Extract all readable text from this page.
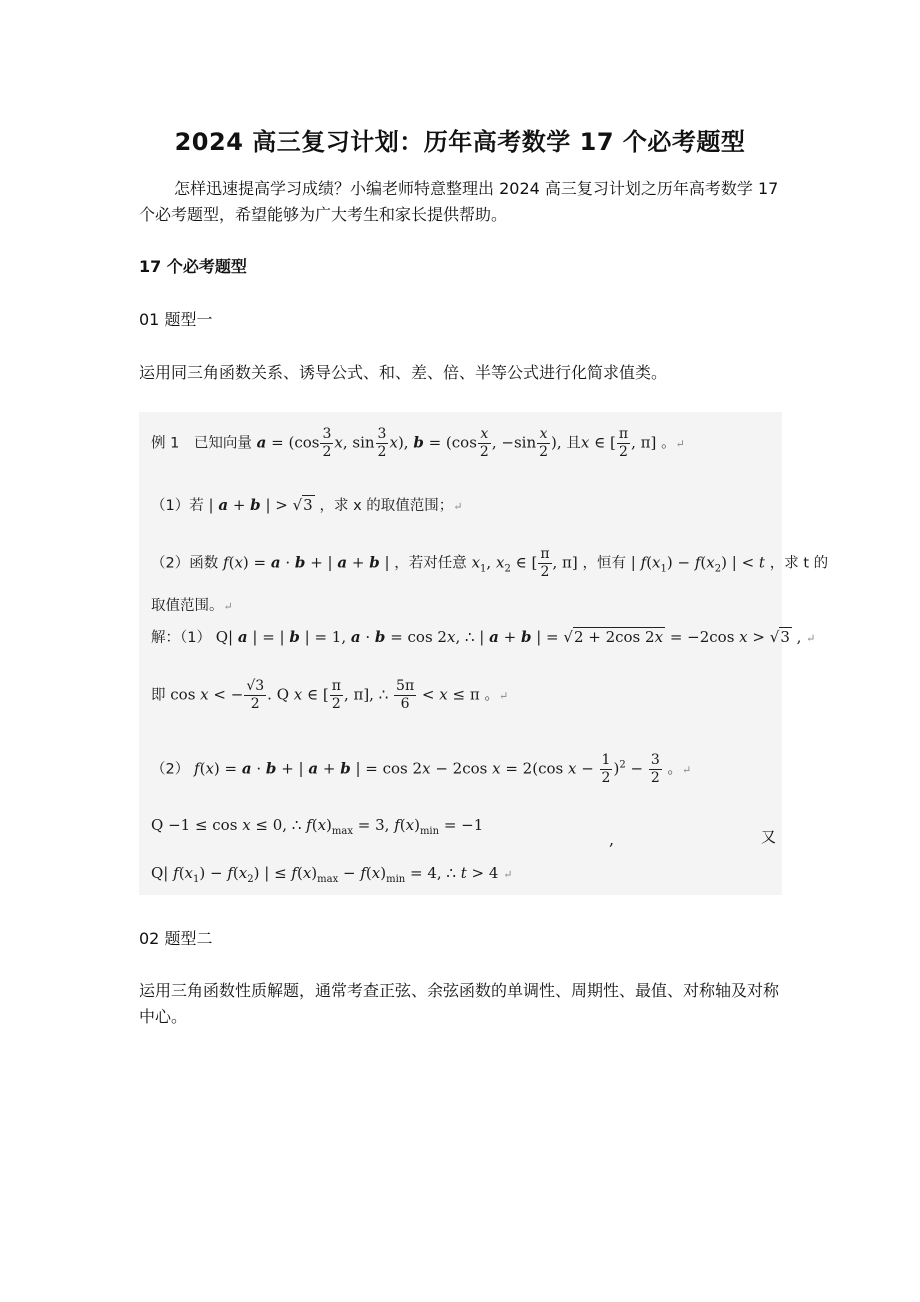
2024 高三复习计划：历年高考数学 17 个必考题型

怎样迅速提高学习成绩？小编老师特意整理出 2024 高三复习计划之历年高考数学 17 个必考题型，希望能够为广大考生和家长提供帮助。

17 个必考题型

01 题型一

运用同三角函数关系、诱导公式、和、差、倍、半等公式进行化简求值类。

例 1　已知向量 $a = (\cos \frac{3}{2} x$, $\sin \frac{3}{2} x$), $b = (\cos \frac{x}{2}$ , $-\sin \frac{x}{2}$ ), 且x ∈ [ $\frac{\pi}{2}$ , π] 。↵
（1）若 | a + b | > √3 ，求 x 的取值范围；↵
（2）函数 f(x) = a · b + | a + b | ，若对任意 $x_1$, $x_2$ ∈ [ $\frac{\pi}{2}$ , π] ，恒有 | $f(x_1) - f(x_2)$ | < t ，求 t 的
取值范围。↵
解：（1） Q| a | = | b | = 1, a · b = cos 2x, ∴ | a + b | = √2 + 2cos 2x = −2cos x > √3 , ↵
即 cos x < − $\frac{√3}{2}$ . Q x ∈ [ $\frac{\pi}{2}$ , π], ∴ $\frac{5\pi}{6} < x \le \pi$ 。↵
（2） f(x) = a · b + | a + b | = cos 2x − 2cos x = 2(cos $x - \frac{1}{2} )^2 - \frac{3}{2}$ 。↵
Q −1 ≤ cos x ≤ 0, ∴ $f(x)_{max} = 3$, $f(x)_{min} = -1$
,	又
Q| $f(x_1) - f(x_2)$ | ≤ $f(x)_{max} - f(x)_{min} = 4$, ∴ t > 4 ↵

02 题型二

运用三角函数性质解题，通常考查正弦、余弦函数的单调性、周期性、最值、对称轴及对称中心。
